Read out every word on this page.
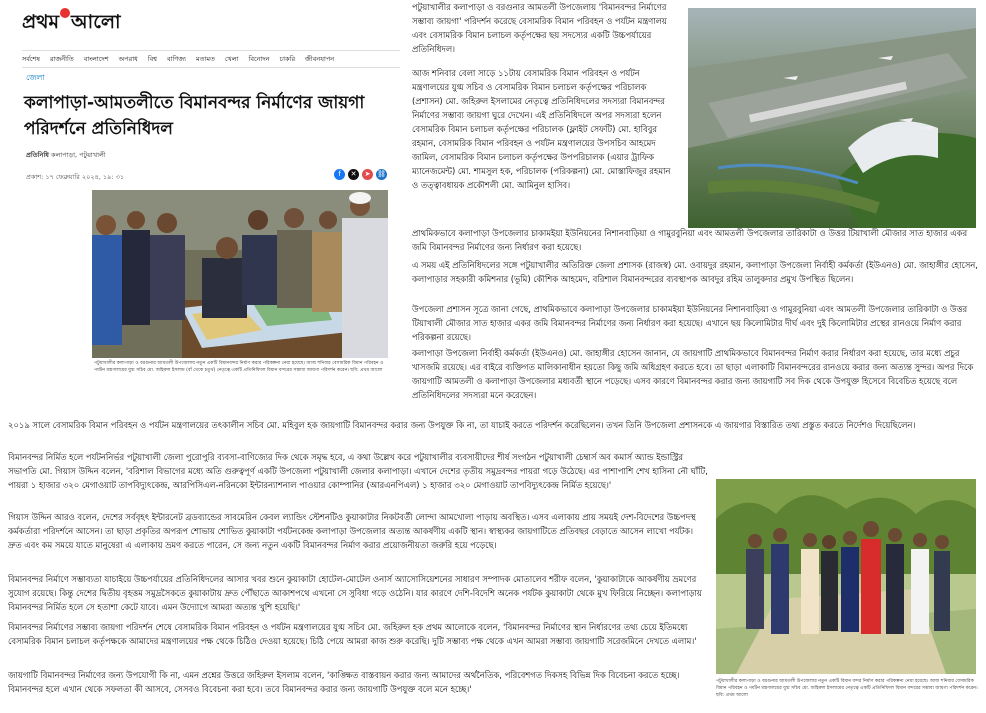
প্রথম আলো
সর্বশেষ রাজনীতি বাংলাদেশ অপরাধ বিশ্ব বাণিজ্য মতামত খেলা বিনোদন চাকরি জীবনযাপন
জেলা
কলাপাড়া-আমতলীতে বিমানবন্দর নির্মাণের জায়গা পরিদর্শনে প্রতিনিধিদল
প্রতিনিধি কলাপাড়া, পটুয়াখালী
প্রকাশ: ১৭ ফেব্রুয়ারি ২০২৪, ১৯: ৩১	f	✕	➤ ⛓
পটুয়াখালীর কলাপাড়া ও বরগুনার আমতলী উপজেলায় নতুন একটি বিমানবন্দর নির্মাণ করার পরিকল্পনা নেয়া হয়েছে। আজ শনিবার বেসামরিক বিমান পরিবহন ও পর্যটন মন্ত্রণালয়ের যুগ্ম সচিব মো. জহিরুল ইসলাম (বাঁ থেকে চতুর্থ) নেতৃত্বে একটি প্রতিনিধিদল বিমান বন্দরের সম্ভাব্য জায়গা পরিদর্শন করেন। ছবি: প্রথম আলো
পটুয়াখালীর কলাপাড়া ও বরগুনার আমতলী উপজেলার নতুন একটি বিমান বন্দর নির্মাণ করার পরিকল্পনা নেয়া হয়েছে। আজ শনিবার বেসামরিক বিমান পরিবহন ও পর্যটন মন্ত্রণালয়ের যুগ্ম সচিব মো. জহিরুল ইসলামের নেতৃত্বে একটি প্রতিনিধিদল বিমান বন্দরের সম্ভাব্য জায়গা পরিদর্শন করেন। ছবি: প্রথম আলো

পটুয়াখালীর কলাপাড়া ও বরগুনার আমতলী উপজেলায় 'বিমানবন্দর নির্মাণের সম্ভাব্য জায়গা' পরিদর্শন করেছে বেসামরিক বিমান পরিবহন ও পর্যটন মন্ত্রণালয় এবং বেসামরিক বিমান চলাচল কর্তৃপক্ষের ছয় সদস্যের একটি উচ্চপর্যায়ের প্রতিনিধিদল।

আজ শনিবার বেলা সাড়ে ১১টায় বেসামরিক বিমান পরিবহন ও পর্যটন মন্ত্রণালয়ের যুগ্ম সচিব ও বেসামরিক বিমান চলাচল কর্তৃপক্ষের পরিচালক (প্রশাসন) মো. জহিরুল ইসলামের নেতৃত্বে প্রতিনিধিদলের সদস্যরা বিমানবন্দর নির্মাণের সম্ভাব্য জায়গা ঘুরে দেখেন। এই প্রতিনিধিদলে অপর সদস্যরা হলেন বেসামরিক বিমান চলাচল কর্তৃপক্ষের পরিচালক (ফ্লাইট সেফটি) মো. হাবিবুর রহমান, বেসামরিক বিমান পরিবহন ও পর্যটন মন্ত্রণালয়ের উপসচিব আহমেদ জামিল, বেসামরিক বিমান চলাচল কর্তৃপক্ষের উপপরিচালক (এয়ার ট্রাফিক ম্যানেজমেন্ট) মো. শামসুল হক, পরিচালক (পরিকল্পনা) মো. মোস্তাফিজুর রহমান ও তত্ত্বাবধায়ক প্রকৌশলী মো. আমিনুল হাসিব।

প্রাথমিকভাবে কলাপাড়া উপজেলার চাকামইয়া ইউনিয়নের নিশানবাড়িয়া ও গামুরবুনিয়া এবং আমতলী উপজেলার তারিকাটা ও উত্তর টিয়াখালী মৌজার সাত হাজার একর জমি বিমানবন্দর নির্মাণের জন্য নির্ধারণ করা হয়েছে।

এ সময় এই প্রতিনিধিদলের সঙ্গে পটুয়াখালীর অতিরিক্ত জেলা প্রশাসক (রাজস্ব) মো. ওবায়দুর রহমান, কলাপাড়া উপজেলা নির্বাহী কর্মকর্তা (ইউএনও) মো. জাহাঙ্গীর হোসেন, কলাপাড়ার সহকারী কমিশনার (ভূমি) কৌশিক আহমেদ, বরিশাল বিমানবন্দরের ব্যবস্থাপক আবদুর রহিম তালুকদার প্রমুখ উপস্থিত ছিলেন।

উপজেলা প্রশাসন সূত্রে জানা গেছে, প্রাথমিকভাবে কলাপাড়া উপজেলার চাকামইয়া ইউনিয়নের নিশানবাড়িয়া ও গামুরবুনিয়া এবং আমতলী উপজেলার তারিকাটা ও উত্তর টিয়াখালী মৌজার সাত হাজার একর জমি বিমানবন্দর নির্মাণের জন্য নির্ধারণ করা হয়েছে। এখানে ছয় কিলোমিটার দীর্ঘ এবং দুই কিলোমিটার প্রস্থের রানওয়ে নির্মাণ করার পরিকল্পনা রয়েছে।

কলাপাড়া উপজেলা নির্বাহী কর্মকর্তা (ইউএনও) মো. জাহাঙ্গীর হোসেন জানান, যে জায়গাটি প্রাথমিকভাবে বিমানবন্দর নির্মাণ করার নির্ধারণ করা হয়েছে, তার মধ্যে প্রচুর খাসজমি রয়েছে। এর বাইরে ব্যক্তিগত মালিকানাধীন হয়তো কিছু জমি অধিগ্রহণ করতে হবে। তা ছাড়া এলাকাটি বিমানবন্দরের রানওয়ে করার জন্য অত্যন্ত সুন্দর। অপর দিকে জায়গাটি আমতলী ও কলাপাড়া উপজেলার মধ্যবর্তী স্থানে পড়েছে। এসব কারণে বিমানবন্দর করার জন্য জায়গাটি সব দিক থেকে উপযুক্ত হিসেবে বিবেচিত হয়েছে বলে প্রতিনিধিদলের সদস্যরা মনে করেছেন।

২০১৯ সালে বেসামরিক বিমান পরিবহন ও পর্যটন মন্ত্রণালয়ের তৎকালীন সচিব মো. মহিবুল হক জায়গাটি বিমানবন্দর করার জন্য উপযুক্ত কি না, তা যাচাই করতে পরিদর্শন করেছিলেন। তখন তিনি উপজেলা প্রশাসনকে এ জায়গার বিস্তারিত তথ্য প্রস্তুত করতে নির্দেশও দিয়েছিলেন।

বিমানবন্দর নির্মিত হলে পর্যটননির্ভর পটুয়াখালী জেলা পুরোপুরি ব্যবসা-বাণিজ্যের দিক থেকে সমৃদ্ধ হবে, এ কথা উল্লেখ করে পটুয়াখালীর ব্যবসায়ীদের শীর্ষ সংগঠন পটুয়াখালী চেম্বার্স অব কমার্স অ্যান্ড ইন্ডাস্ট্রির সভাপতি মো. গিয়াস উদ্দিন বলেন, 'বরিশাল বিভাগের মধ্যে অতি গুরুত্বপূর্ণ একটি উপজেলা পটুয়াখালী জেলার কলাপাড়া। এখানে দেশের তৃতীয় সমুদ্রবন্দর পায়রা গড়ে উঠেছে। এর পাশাপাশি শেখ হাসিনা নৌ ঘাঁটি, পায়রা ১ হাজার ৩২০ মেগাওয়াট তাপবিদ্যুৎকেন্দ্র, আরপিসিএল-নরিনকো ইন্টারন্যাশনাল পাওয়ার কোম্পানির (আরএনপিএল) ১ হাজার ৩২০ মেগাওয়াট তাপবিদ্যুৎকেন্দ্র নির্মিত হয়েছে।'

গিয়াস উদ্দিন আরও বলেন, দেশের সর্ববৃহৎ ইন্টারনেট ব্রডব্যান্ডের সাবমেরিন কেবল ল্যান্ডিং স্টেশনটিও কুয়াকাটার নিকটবর্তী লোন্দা আমখোলা পাড়ায় অবস্থিত। এসব এলাকায় প্রায় সময়ই দেশ-বিদেশের উচ্চপদস্থ কর্মকর্তারা পরিদর্শনে আসেন। তা ছাড়া প্রকৃতির অপরূপ শোভায় শোভিত কুয়াকাটা পর্যটনকেন্দ্র কলাপাড়া উপজেলার অত্যন্ত আকর্ষণীয় একটি স্থান। স্বাস্থ্যকর জায়গাটিতে প্রতিবছর বেড়াতে আসেন লাখো পর্যটক। দ্রুত এবং কম সময়ে যাতে মানুষেরা এ এলাকায় ভ্রমণ করতে পারেন, সে জন্য নতুন একটি বিমানবন্দর নির্মাণ করার প্রয়োজনীয়তা জরুরি হয়ে পড়েছে।

বিমানবন্দর নির্মাণে সম্ভাব্যতা যাচাইয়ে উচ্চপর্যায়ের প্রতিনিধিদলের আসার খবর শুনে কুয়াকাটা হোটেল-মোটেল ওনার্স অ্যাসোসিয়েশনের সাধারণ সম্পাদক মোতালেব শরীফ বলেন, 'কুয়াকাটাকে আকর্ষণীয় ভ্রমণের সুযোগ রয়েছে। কিন্তু দেশের দ্বিতীয় বৃহত্তম সমুদ্রসৈকতে কুয়াকাটায় দ্রুত পৌঁছাতে আকাশপথে এখনো সে সুবিধা গড়ে ওঠেনি। যার কারণে দেশি-বিদেশি অনেক পর্যটক কুয়াকাটা থেকে মুখ ফিরিয়ে নিচ্ছেন। কলাপাড়ায় বিমানবন্দর নির্মিত হলে সে হতাশা কেটে যাবে। এমন উদ্যোগে আমরা অত্যন্ত খুশি হয়েছি।'

বিমানবন্দর নির্মাণের সম্ভাব্য জায়গা পরিদর্শন শেষে বেসামরিক বিমান পরিবহন ও পর্যটন মন্ত্রণালয়ের যুগ্ম সচিব মো. জহিরুল হক প্রথম আলোকে বলেন, 'বিমানবন্দর নির্মাণের স্থান নির্ধারণের তথ্য চেয়ে ইতিমধ্যে বেসামরিক বিমান চলাচল কর্তৃপক্ষকে আমাদের মন্ত্রণালয়ের পক্ষ থেকে চিঠিও দেওয়া হয়েছে। চিঠি পেয়ে আমরা কাজ শুরু করেছি। দুটি সম্ভাব্য পক্ষ থেকে এখন আমরা সম্ভাব্য জায়গাটি সরেজমিনে দেখতে এলাম।'

জায়গাটি বিমানবন্দর নির্মাণের জন্য উপযোগী কি না, এমন প্রশ্নের উত্তরে জহিরুল ইসলাম বলেন, 'কাঙ্ক্ষিত বাস্তবায়ন করার জন্য আমাদের অর্থনৈতিক, পরিবেশগত দিকসহ বিভিন্ন দিক বিবেচনা করতে হচ্ছে। বিমানবন্দর হলে এখান থেকে সফলতা কী আসবে, সেসবও বিবেচনা করা হবে। তবে বিমানবন্দর করার জন্য জায়গাটি উপযুক্ত বলে মনে হচ্ছে।'
